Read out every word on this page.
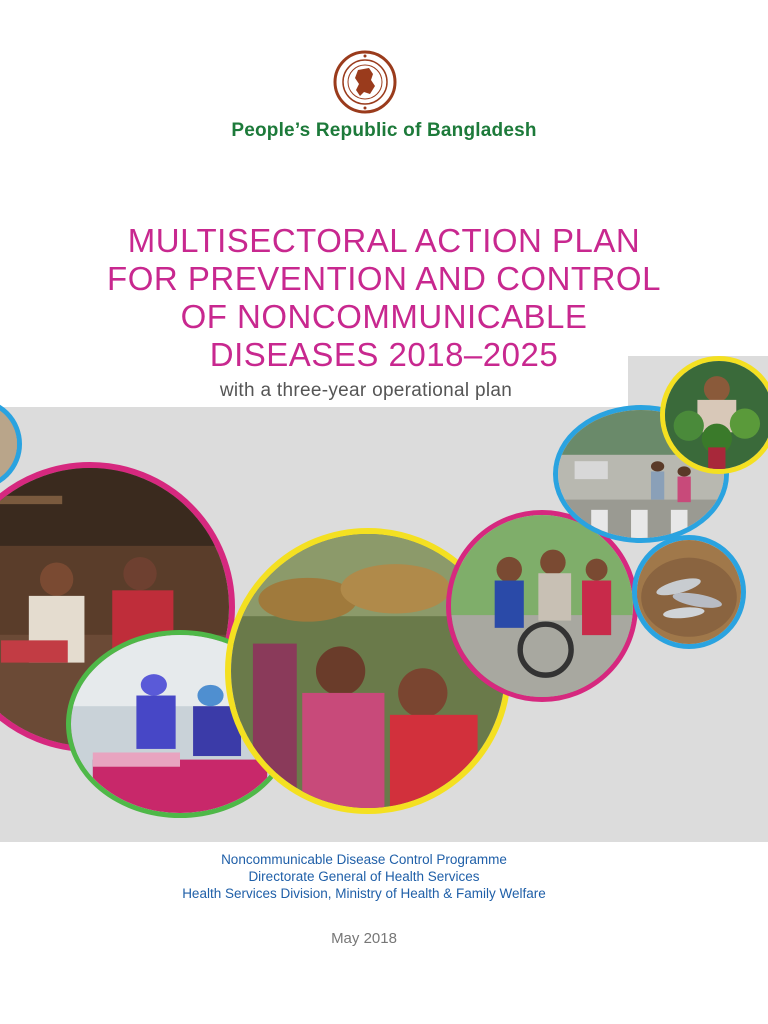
People’s Republic of Bangladesh
MULTISECTORAL ACTION PLAN
FOR PREVENTION AND CONTROL
OF NONCOMMUNICABLE
DISEASES 2018–2025
with a three-year operational plan
Noncommunicable Disease Control Programme
Directorate General of Health Services
Health Services Division, Ministry of Health & Family Welfare
May 2018
